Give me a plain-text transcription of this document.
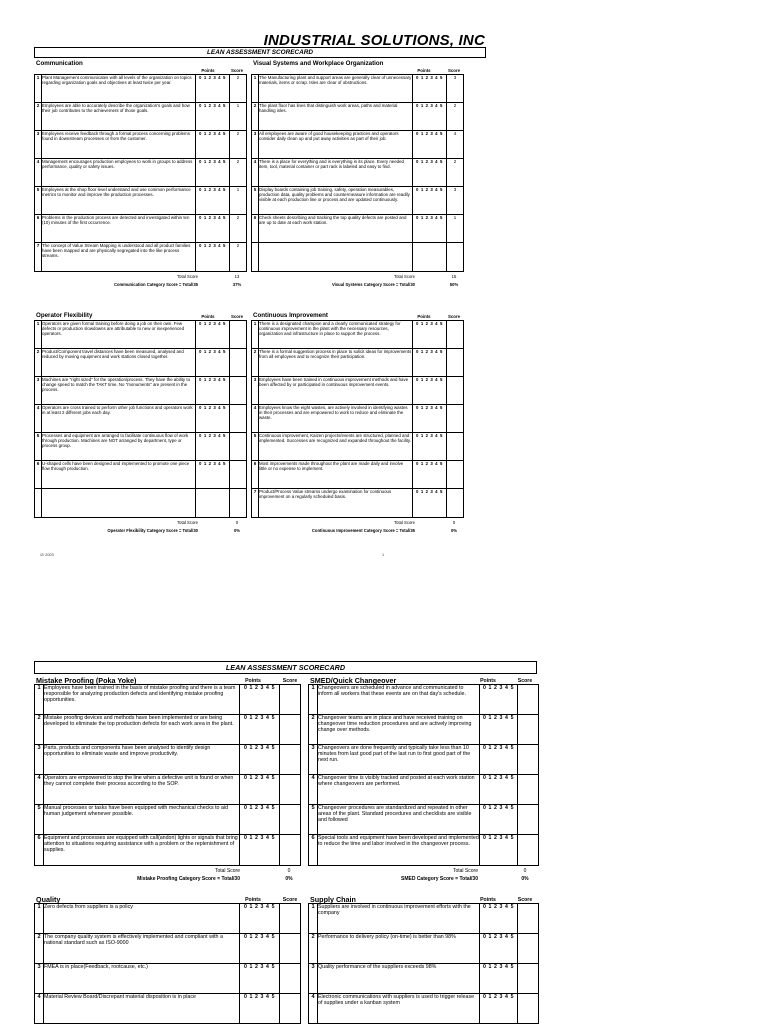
INDUSTRIAL SOLUTIONS, INC
LEAN ASSESSMENT SCORECARD
Communication
Points	Score
Visual Systems and Workplace Organization
Points	Score
1	Plant Management communicates with all levels of the organization on topics regarding organization goals and objectives at least twice per year.	0 1 2 3 4 5	2
2	Employees are able to accurately describe the organization's goals and how their job contributes to the achievement of those goals.	0 1 2 3 4 5	1
3	Employees receive feedback through a formal process concerning problems found in downstream processes or from the customer.	0 1 2 3 4 5	2
4	Management encourages production employees to work in groups to address performance, quality or safety issues.	0 1 2 3 4 5	2
5	Employees at the shop floor level understand and use common performance metrics to monitor and improve the production processes.	0 1 2 3 4 5	1
6	Problems in the production process are detected and investigated within ten (10) minutes of the first occurrence.	0 1 2 3 4 5	2
7	The concept of Value Stream Mapping is understood and all product families have been mapped and are physically segregated into the like process streams.	0 1 2 3 4 5	2
1	The Manufacturing plant and support areas are generally clear of unnecessary materials, items or scrap. Isles are clear of obstructions.	0 1 2 3 4 5	3
2	The plant floor has lines that distinguish work areas, paths and material handling isles.	0 1 2 3 4 5	2
3	All employees are aware of good housekeeping practices and operators consider daily clean up and put away activities as part of their job.	0 1 2 3 4 5	4
4	There is a place for everything and is everything in its place. Every needed item, tool, material container or part rack is labeled and easy to find.	0 1 2 3 4 5	2
5	Display boards containing job training, safety, operation measurables, production data, quality problems and countermeasure information are readily visible at each production line or process and are updated continuously.	0 1 2 3 4 5	3
6	Check sheets describing and tracking the top quality defects are posted and are up to date at each work station.	0 1 2 3 4 5	1

Total Score	13
Communication Category Score = Total/35	37%
Total Score	15
Visual Systems Category Score = Total/30	50%
Operator Flexibility	Points	Score	Continuous Improvement	Points	Score
1	Operators are given formal training before doing a job on their own. Few defects or production slowdowns are attributable to new or inexperienced operators.	0 1 2 3 4 5	
2	Product/Component travel distances have been measured, analysed and reduced by moving equipment and work stations closed together.	0 1 2 3 4 5	
3	Machines are "right sized" for the operation/process. They have the ability to change speed to match the TAKT time. No "monuments" are present in the process.	0 1 2 3 4 5	
4	Operators are cross trained to perform other job functions and operators work in at least 2 different jobs each day.	0 1 2 3 4 5	
5	Processes and equipment are arranged to facilitate continuous flow of work through production. Machines are NOT arranged by department, type or process group.	0 1 2 3 4 5	
6	U-shaped cells have been designed and implemented to promote one piece flow through production.	0 1 2 3 4 5	

1	There is a designated champion and a clearly communicated strategy for continuous improvement in the plant with the necessary resources, organization and infrastructure in place to support the process.	0 1 2 3 4 5	
2	There is a formal suggestion process in place to solicit ideas for improvements from all employees and to recognize their participation.	0 1 2 3 4 5	
3	Employees have been trained in continuous improvement methods and have been affected by or participated in continuous improvement events.	0 1 2 3 4 5	
4	Employees know the eight wastes, are actively involved in identifying wastes in their processes and are empowered to work to reduce and eliminate the waste.	0 1 2 3 4 5	
5	Continuous improvement, Kaizen projects/events are structured, planned and implemented. Successes are recognized and expanded throughout the facility.	0 1 2 3 4 5	
6	Most improvements made throughout the plant are made daily and involve little or no expense to implement.	0 1 2 3 4 5	
7	Product/Process Value streams undergo examination for continuous improvement on a regularly scheduled basis.	0 1 2 3 4 5	
Total Score	0
Operator Flexibility Category Score = Total/30	0%
Total Score	0
Continuous Improvement Category Score = Total/35	0%
/2/ 2003	1
LEAN ASSESSMENT SCORECARD
Mistake Proofing (Poka Yoke)	Points	Score	SMED/Quick Changeover	Points	Score
1	Employees have been trained in the basis of mistake proofing and there is a team responsible for analyzing production defects and identifying mistake proofing opportunities.	0 1 2 3 4 5	
2	Mistake proofing devices and methods have been implemented or are being developed to eliminate the top production defects for each work area in the plant.	0 1 2 3 4 5	
3	Parts, products and components have been analysed to identify design opportunities to eliminate waste and improve productivity.	0 1 2 3 4 5	
4	Operators are empowered to stop the line when a defective unit is found or when they cannot complete their process according to the SOP.	0 1 2 3 4 5	
5	Manual processes or tasks have been equipped with mechanical checks to aid human judgement whenever possible.	0 1 2 3 4 5	
6	Equipment and processes are equipped with call(andon) lights or signals that bring attention to situations requiring assistance with a problem or the replenishment of supplies.	0 1 2 3 4 5	
1	Changeovers are scheduled in advance and communicated to inform all workers that these events are on that day's schedule.	0 1 2 3 4 5	
2	Changeover teams are in place and have received training on changeover time reduction procedures and are actively improving change over methods.	0 1 2 3 4 5	
3	Changeovers are done frequently and typically take less than 10 minutes from last good part of the last run to first good part of the next run.	0 1 2 3 4 5	
4	Changeover time is visibly tracked and posted at each work station where changeovers are performed.	0 1 2 3 4 5	
5	Changeover procedures are standardized and repeated in other areas of the plant. Standard procedures and checklists are visible and followed	0 1 2 3 4 5	
6	Special tools and equipment have been developed and implemented to reduce the time and labor involved in the changeover process.	0 1 2 3 4 5	
Total Score	0
Mistake Proofing Category Score = Total/30	0%
Total Score	0
SMED Category Score = Total/30	0%
Quality	Points	Score	Supply Chain	Points	Score
1	Zero defects from suppliers is a policy	0 1 2 3 4 5	
2	The company quality system is effectively implemented and compliant with a national standard such as ISO-9000	0 1 2 3 4 5	
3	FMEA is in place(Feedback, rootcause, etc.)	0 1 2 3 4 5	
4	Material Review Board/Discrepant material disposition is in place	0 1 2 3 4 5	
1	Suppliers are involved in continuous improvement efforts with the company	0 1 2 3 4 5	
2	Performance to delivery policy (on-time) is better than 98%	0 1 2 3 4 5	
3	Quality performance of the suppliers exceeds 98%	0 1 2 3 4 5	
4	Electronic communications with suppliers is used to trigger release of supplies under a kanban system	0 1 2 3 4 5	
